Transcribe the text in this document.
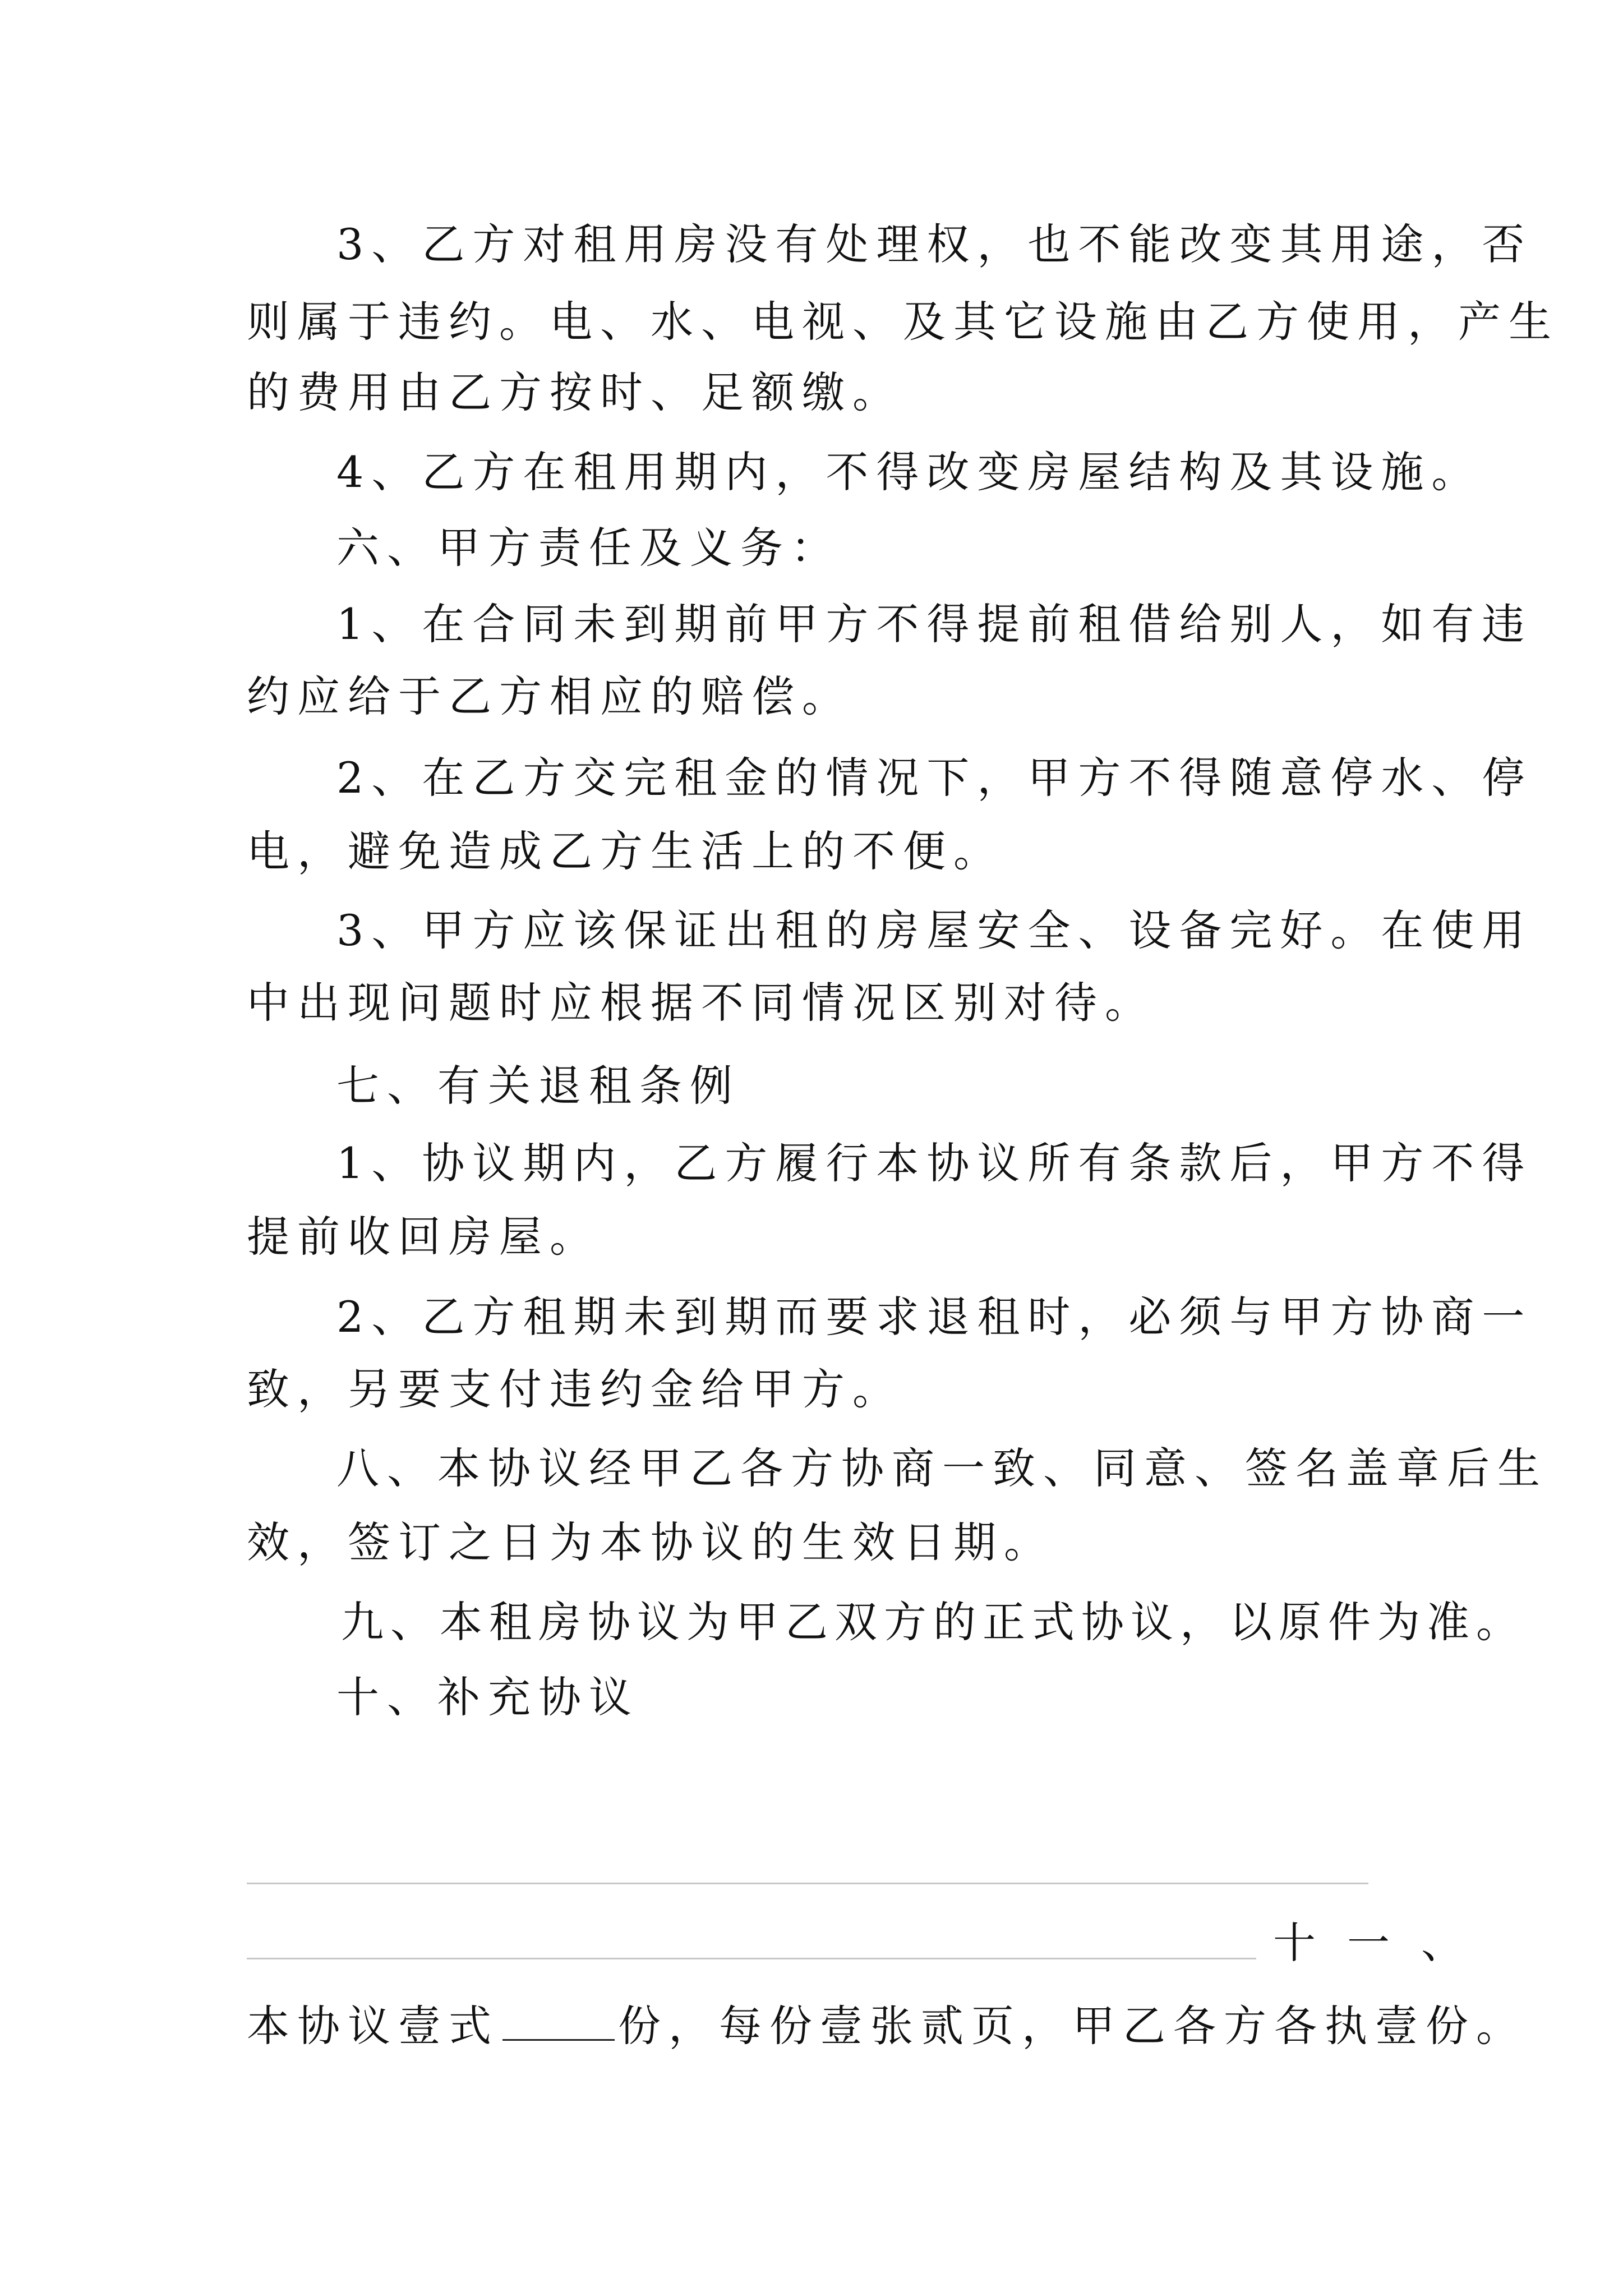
3、乙方对租用房没有处理权，也不能改变其用途，否
则属于违约。电、水、电视、及其它设施由乙方使用，产生
的费用由乙方按时、足额缴。
4、乙方在租用期内，不得改变房屋结构及其设施。
六、甲方责任及义务：
1、在合同未到期前甲方不得提前租借给别人，如有违
约应给于乙方相应的赔偿。
2、在乙方交完租金的情况下，甲方不得随意停水、停
电，避免造成乙方生活上的不便。
3、甲方应该保证出租的房屋安全、设备完好。在使用
中出现问题时应根据不同情况区别对待。
七、有关退租条例
1、协议期内，乙方履行本协议所有条款后，甲方不得
提前收回房屋。
2、乙方租期未到期而要求退租时，必须与甲方协商一
致，另要支付违约金给甲方。
八、本协议经甲乙各方协商一致、同意、签名盖章后生
效，签订之日为本协议的生效日期。
九、本租房协议为甲乙双方的正式协议，以原件为准。
十、补充协议
十一、
本协议壹式	份，每份壹张贰页，甲乙各方各执壹份。
